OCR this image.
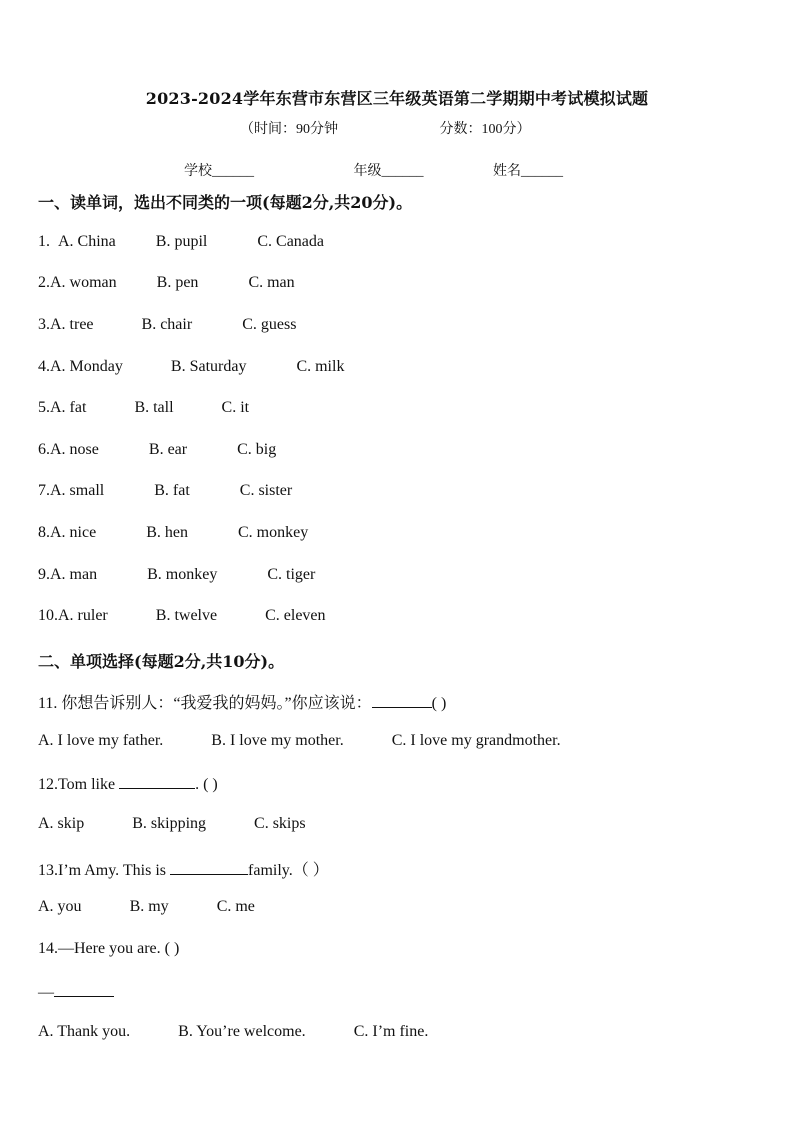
2023-2024学年东营市东营区三年级英语第二学期期中考试模拟试题
（时间：90分钟	分数：100分）
学校______	年级______	姓名______
一、读单词，选出不同类的一项(每题2分,共20分)。
1. A. China	B. pupil	C. Canada
2.A. woman	B. pen	C. man
3.A. tree	B. chair	C. guess
4.A. Monday	B. Saturday	C. milk
5.A. fat	B. tall	C. it
6.A. nose	B. ear	C. big
7.A. small	B. fat	C. sister
8.A. nice	B. hen	C. monkey
9.A. man	B. monkey	C. tiger
10.A. ruler	B. twelve	C. eleven
二、单项选择(每题2分,共10分)。
11. 你想告诉别人：“我爱我的妈妈。”你应该说：	( )
A. I love my father.	B. I love my mother.	C. I love my grandmother.
12.Tom like	. ( )
A. skip	B. skipping	C. skips
13.I’m Amy. This is	family.（ ）
A. you	B. my	C. me
14.—Here you are. ( )
—
A. Thank you.	B. You’re welcome.	C. I’m fine.
